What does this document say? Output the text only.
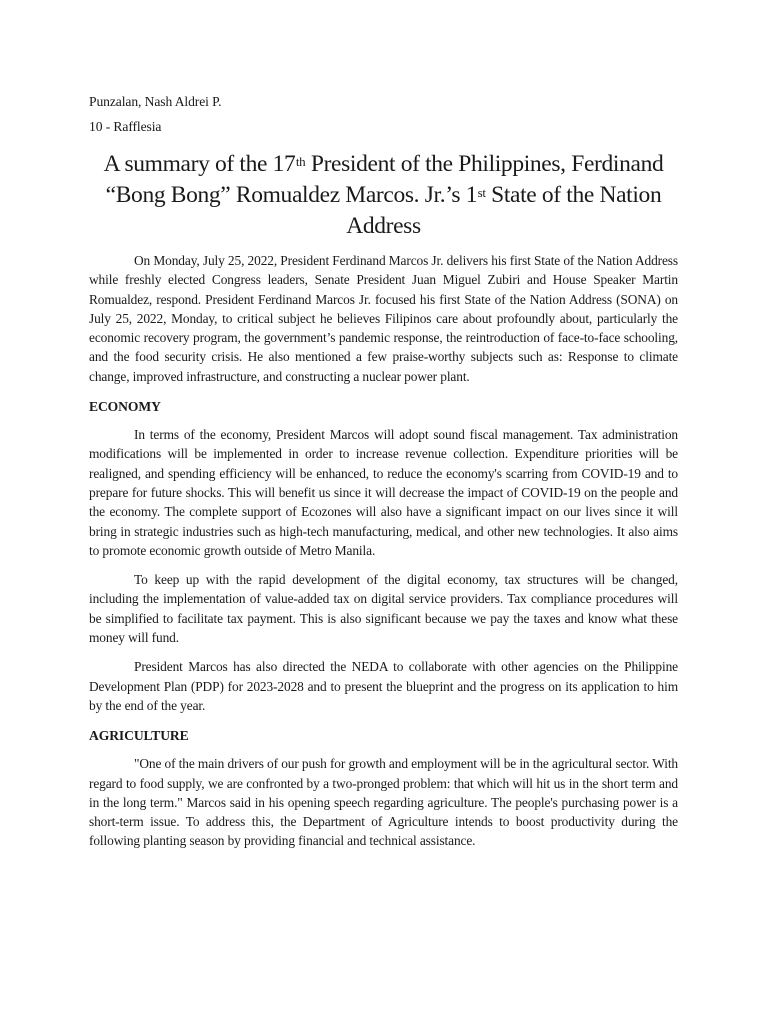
Punzalan, Nash Aldrei P.

10 - Rafflesia

A summary of the 17th President of the Philippines, Ferdinand “Bong Bong” Romualdez Marcos. Jr.’s 1st State of the Nation Address

On Monday, July 25, 2022, President Ferdinand Marcos Jr. delivers his first State of the Nation Address while freshly elected Congress leaders, Senate President Juan Miguel Zubiri and House Speaker Martin Romualdez, respond. President Ferdinand Marcos Jr. focused his first State of the Nation Address (SONA) on July 25, 2022, Monday, to critical subject he believes Filipinos care about profoundly about, particularly the economic recovery program, the government’s pandemic response, the reintroduction of face-to-face schooling, and the food security crisis. He also mentioned a few praise-worthy subjects such as: Response to climate change, improved infrastructure, and constructing a nuclear power plant.

ECONOMY

In terms of the economy, President Marcos will adopt sound fiscal management. Tax administration modifications will be implemented in order to increase revenue collection. Expenditure priorities will be realigned, and spending efficiency will be enhanced, to reduce the economy's scarring from COVID-19 and to prepare for future shocks. This will benefit us since it will decrease the impact of COVID-19 on the people and the economy. The complete support of Ecozones will also have a significant impact on our lives since it will bring in strategic industries such as high-tech manufacturing, medical, and other new technologies. It also aims to promote economic growth outside of Metro Manila.

To keep up with the rapid development of the digital economy, tax structures will be changed, including the implementation of value-added tax on digital service providers. Tax compliance procedures will be simplified to facilitate tax payment. This is also significant because we pay the taxes and know what these money will fund.

President Marcos has also directed the NEDA to collaborate with other agencies on the Philippine Development Plan (PDP) for 2023-2028 and to present the blueprint and the progress on its application to him by the end of the year.

AGRICULTURE

"One of the main drivers of our push for growth and employment will be in the agricultural sector. With regard to food supply, we are confronted by a two-pronged problem: that which will hit us in the short term and in the long term." Marcos said in his opening speech regarding agriculture. The people's purchasing power is a short-term issue. To address this, the Department of Agriculture intends to boost productivity during the following planting season by providing financial and technical assistance.
